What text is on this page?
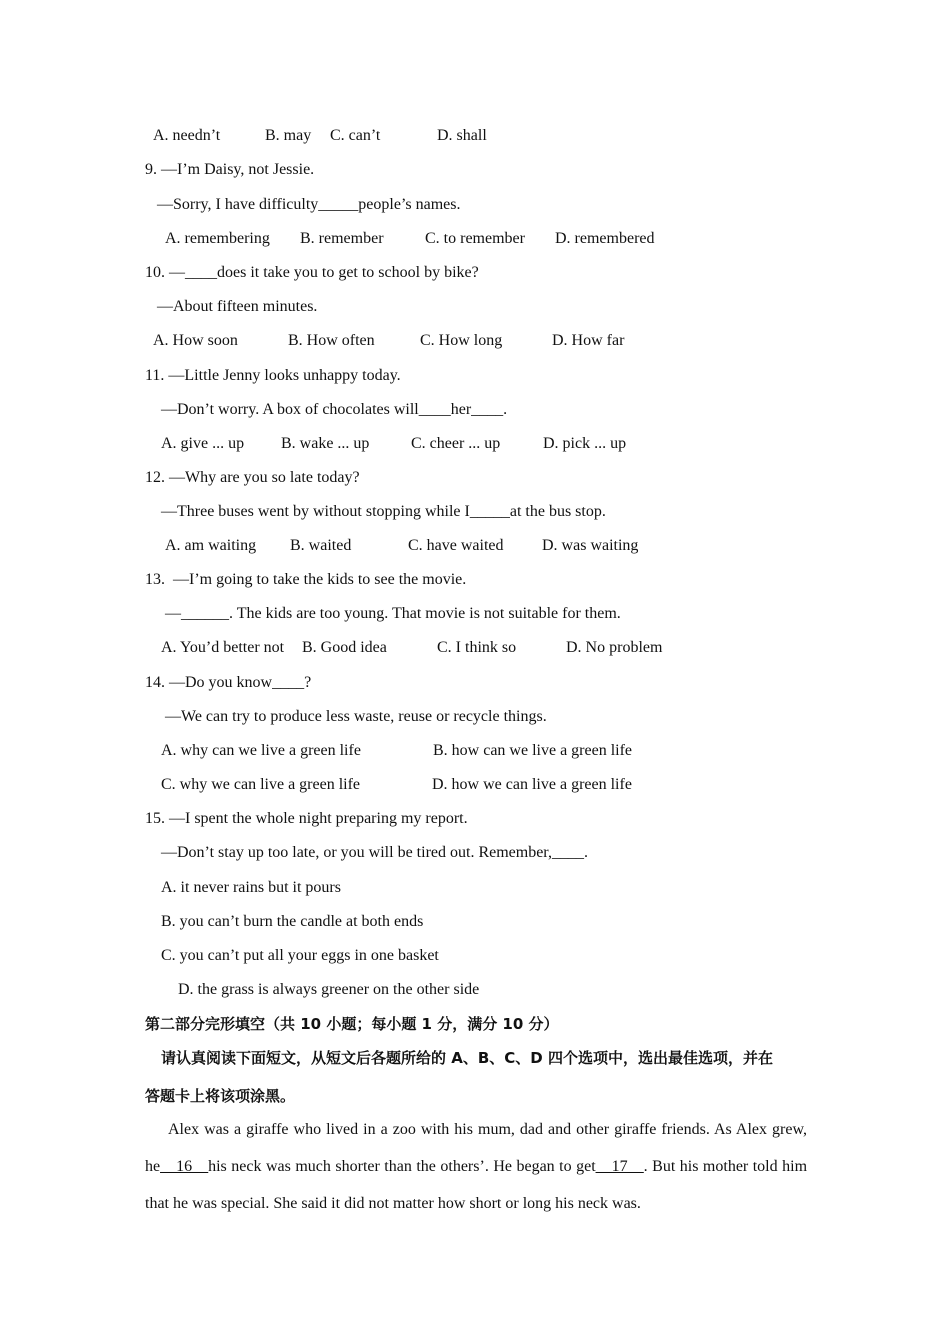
A. needn’t	B. may C. can’t	D. shall
9. —I’m Daisy, not Jessie.
—Sorry, I have difficulty_____people’s names.
A. remembering B. remember	C. to remember D. remembered
10. —____does it take you to get to school by bike?
—About fifteen minutes.
A. How soon	B. How often	C. How long	D. How far
11. —Little Jenny looks unhappy today.
—Don’t worry. A box of chocolates will____her____.
A. give ... up B. wake ... up	C. cheer ... up	D. pick ... up
12. —Why are you so late today?
—Three buses went by without stopping while I_____at the bus stop.
A. am waiting B. waited	C. have waited D. was waiting
13.  —I’m going to take the kids to see the movie.
—______. The kids are too young. That movie is not suitable for them.
A. You’d better not B. Good idea	C. I think so	D. No problem
14. —Do you know____?
—We can try to produce less waste, reuse or recycle things.
A. why can we live a green life	B. how can we live a green life
C. why we can live a green life	D. how we can live a green life
15. —I spent the whole night preparing my report.
—Don’t stay up too late, or you will be tired out. Remember,____.
A. it never rains but it pours
B. you can’t burn the candle at both ends
C. you can’t put all your eggs in one basket
D. the grass is always greener on the other side
第二部分完形填空（共 10 小题；每小题 1 分，满分 10 分）
请认真阅读下面短文，从短文后各题所给的 A、B、C、D 四个选项中，选出最佳选项，并在
答题卡上将该项涂黑。
Alex was a giraffe who lived in a zoo with his mum, dad and other giraffe friends. As Alex grew, he__16__his neck was much shorter than the others’. He began to get__17__. But his mother told him that he was special. She said it did not matter how short or long his neck was.
